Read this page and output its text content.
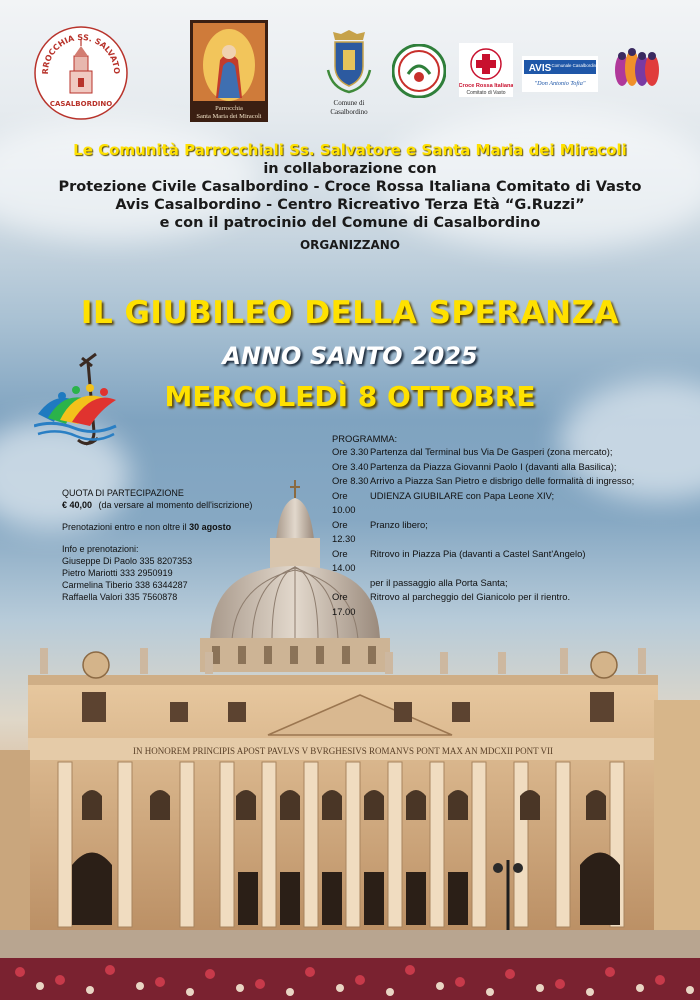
RROCCHIA SS. SALVATO
CASALBORDINO
Parrocchia
Santa Maria dei Miracoli
Comune di
Casalbordino
Croce Rossa Italiana
Comitato di Vasto
AVIS Comunale Casalbordino
"Don Antonio Tofia"
Le Comunità Parrocchiali Ss. Salvatore e Santa Maria dei Miracoli
in collaborazione con
Protezione Civile Casalbordino - Croce Rossa Italiana Comitato di Vasto
Avis Casalbordino - Centro Ricreativo Terza Età “G.Ruzzi”
e con il patrocinio del Comune di Casalbordino
ORGANIZZANO
IL GIUBILEO DELLA SPERANZA
ANNO SANTO 2025
MERCOLEDÌ 8 OTTOBRE
IN HONOREM PRINCIPIS APOST PAVLVS V BVRGHESIVS ROMANVS PONT MAX AN MDCXII PONT VII
QUOTA DI PARTECIPAZIONE
€ 40,00 (da versare al momento dell'iscrizione)
Prenotazioni entro e non oltre il 30 agosto
Info e prenotazioni:
Giuseppe Di Paolo 335 8207353
Pietro Mariotti 333 2950919
Carmelina Tiberio 338 6344287
Raffaella Valori 335 7560878
PROGRAMMA:
Ore 3.30 Partenza dal Terminal bus Via De Gasperi (zona mercato);
Ore 3.40 Partenza da Piazza Giovanni Paolo I (davanti alla Basilica);
Ore 8.30 Arrivo a Piazza San Pietro e disbrigo delle formalità di ingresso;
Ore 10.00
UDIENZA GIUBILARE con Papa Leone XIV;
Ore 12.30
Pranzo libero;
Ore 14.00
Ritrovo in Piazza Pia (davanti a Castel Sant'Angelo)
per il passaggio alla Porta Santa;
Ore 17.00
Ritrovo al parcheggio del Gianicolo per il rientro.
